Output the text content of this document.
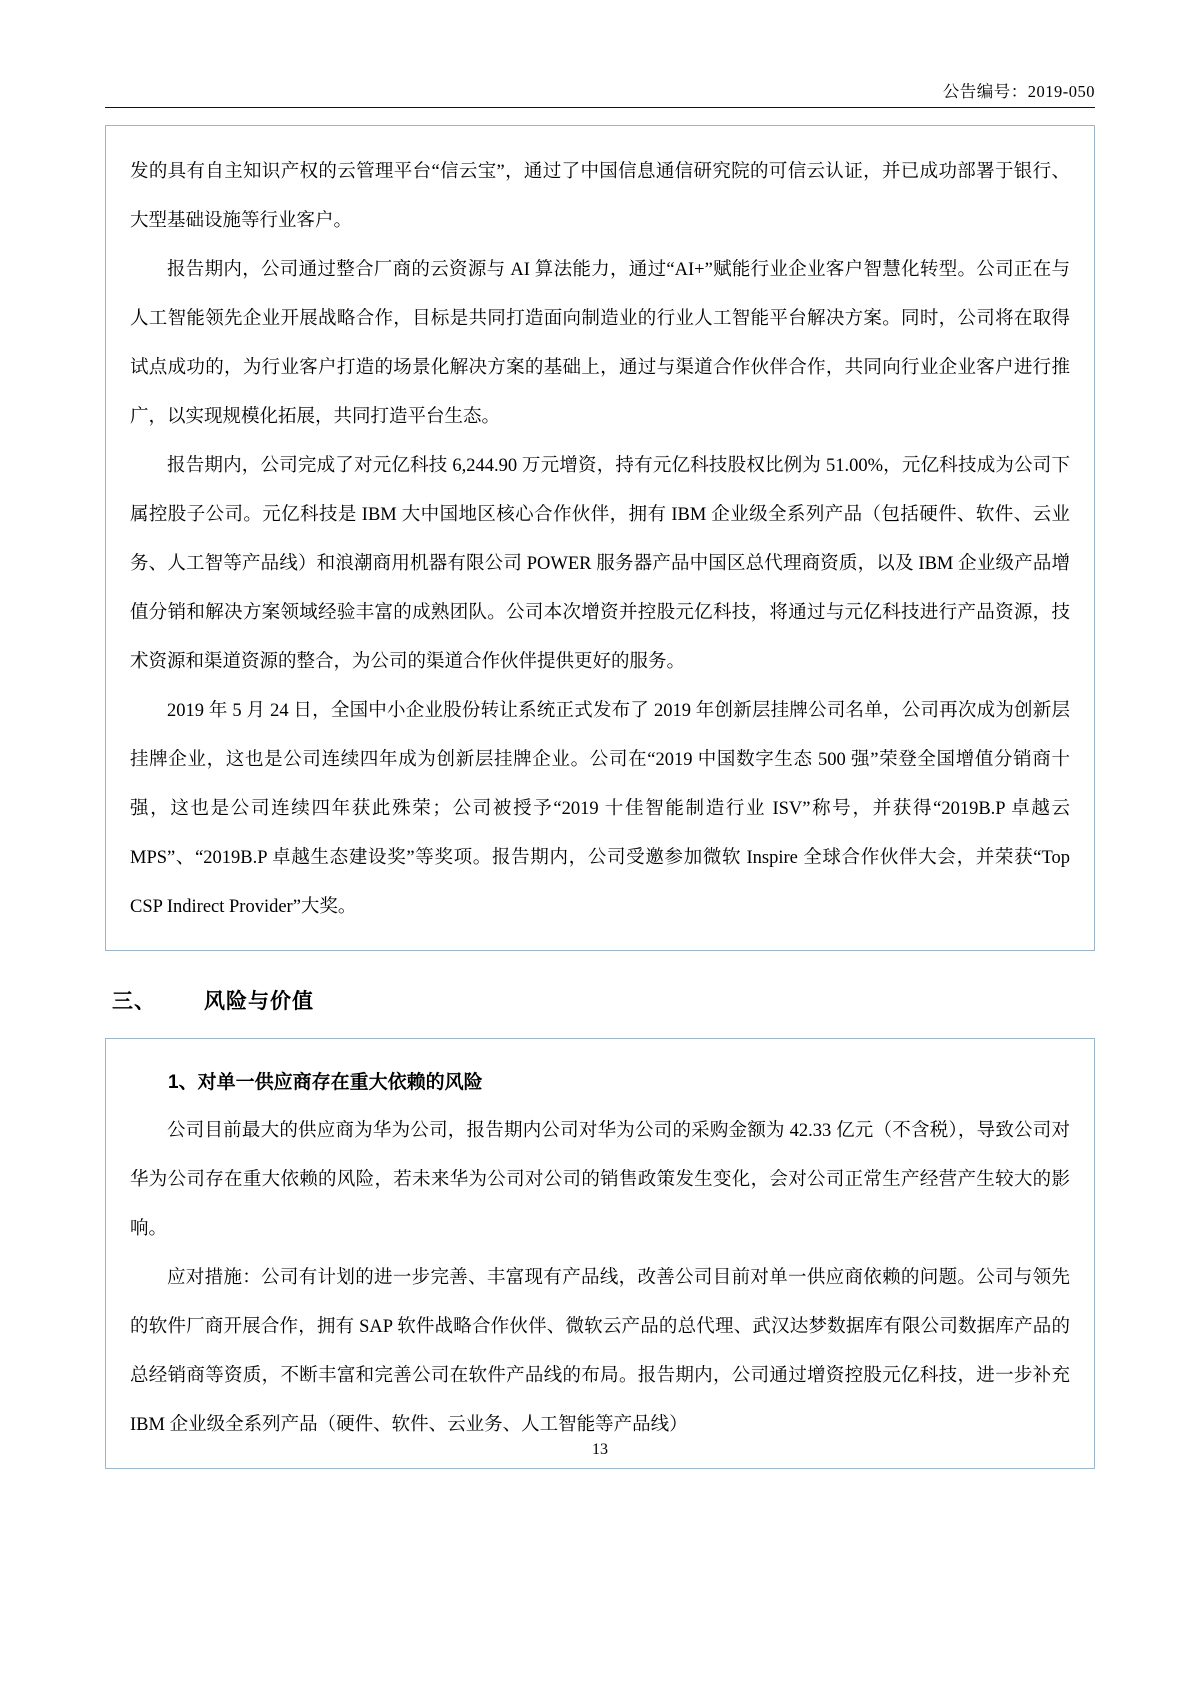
公告编号：2019-050

发的具有自主知识产权的云管理平台“信云宝”，通过了中国信息通信研究院的可信云认证，并已成功部署于银行、大型基础设施等行业客户。

报告期内，公司通过整合厂商的云资源与 AI 算法能力，通过“AI+”赋能行业企业客户智慧化转型。公司正在与人工智能领先企业开展战略合作，目标是共同打造面向制造业的行业人工智能平台解决方案。同时，公司将在取得试点成功的，为行业客户打造的场景化解决方案的基础上，通过与渠道合作伙伴合作，共同向行业企业客户进行推广，以实现规模化拓展，共同打造平台生态。

报告期内，公司完成了对元亿科技 6,244.90 万元增资，持有元亿科技股权比例为 51.00%，元亿科技成为公司下属控股子公司。元亿科技是 IBM 大中国地区核心合作伙伴，拥有 IBM 企业级全系列产品（包括硬件、软件、云业务、人工智等产品线）和浪潮商用机器有限公司 POWER 服务器产品中国区总代理商资质，以及 IBM 企业级产品增值分销和解决方案领域经验丰富的成熟团队。公司本次增资并控股元亿科技，将通过与元亿科技进行产品资源，技术资源和渠道资源的整合，为公司的渠道合作伙伴提供更好的服务。

2019 年 5 月 24 日，全国中小企业股份转让系统正式发布了 2019 年创新层挂牌公司名单，公司再次成为创新层挂牌企业，这也是公司连续四年成为创新层挂牌企业。公司在“2019 中国数字生态 500 强”荣登全国增值分销商十强，这也是公司连续四年获此殊荣；公司被授予“2019 十佳智能制造行业 ISV”称号，并获得“2019B.P 卓越云 MPS”、“2019B.P 卓越生态建设奖”等奖项。报告期内，公司受邀参加微软 Inspire 全球合作伙伴大会，并荣获“Top CSP Indirect Provider”大奖。

三、 风险与价值

1、对单一供应商存在重大依赖的风险

公司目前最大的供应商为华为公司，报告期内公司对华为公司的采购金额为 42.33 亿元（不含税），导致公司对华为公司存在重大依赖的风险，若未来华为公司对公司的销售政策发生变化，会对公司正常生产经营产生较大的影响。

应对措施：公司有计划的进一步完善、丰富现有产品线，改善公司目前对单一供应商依赖的问题。公司与领先的软件厂商开展合作，拥有 SAP 软件战略合作伙伴、微软云产品的总代理、武汉达梦数据库有限公司数据库产品的总经销商等资质，不断丰富和完善公司在软件产品线的布局。报告期内，公司通过增资控股元亿科技，进一步补充 IBM 企业级全系列产品（硬件、软件、云业务、人工智能等产品线）

13
